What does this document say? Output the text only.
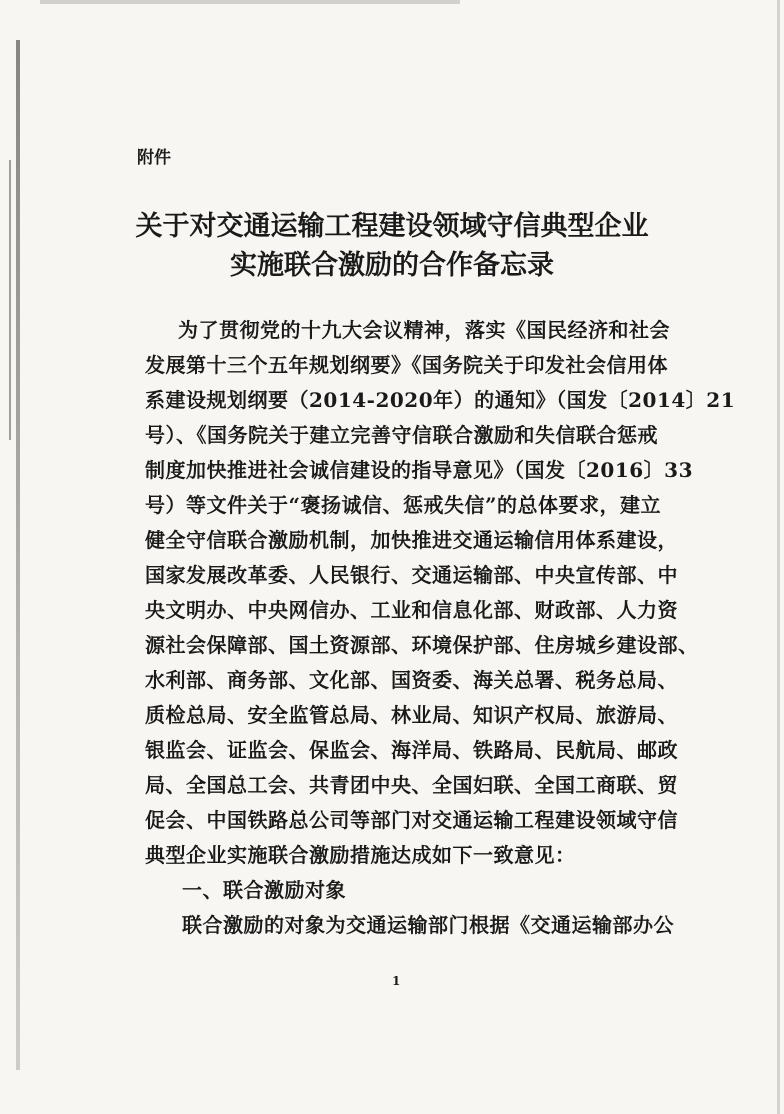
附件
关于对交通运输工程建设领域守信典型企业
实施联合激励的合作备忘录
为了贯彻党的十九大会议精神，落实《国民经济和社会
发展第十三个五年规划纲要》《国务院关于印发社会信用体
系建设规划纲要（2014-2020年）的通知》（国发〔2014〕21
号）、《国务院关于建立完善守信联合激励和失信联合惩戒
制度加快推进社会诚信建设的指导意见》（国发〔2016〕33
号）等文件关于“褒扬诚信、惩戒失信”的总体要求，建立
健全守信联合激励机制，加快推进交通运输信用体系建设，
国家发展改革委、人民银行、交通运输部、中央宣传部、中
央文明办、中央网信办、工业和信息化部、财政部、人力资
源社会保障部、国土资源部、环境保护部、住房城乡建设部、
水利部、商务部、文化部、国资委、海关总署、税务总局、
质检总局、安全监管总局、林业局、知识产权局、旅游局、
银监会、证监会、保监会、海洋局、铁路局、民航局、邮政
局、全国总工会、共青团中央、全国妇联、全国工商联、贸
促会、中国铁路总公司等部门对交通运输工程建设领域守信
典型企业实施联合激励措施达成如下一致意见：
一、联合激励对象
联合激励的对象为交通运输部门根据《交通运输部办公
1
